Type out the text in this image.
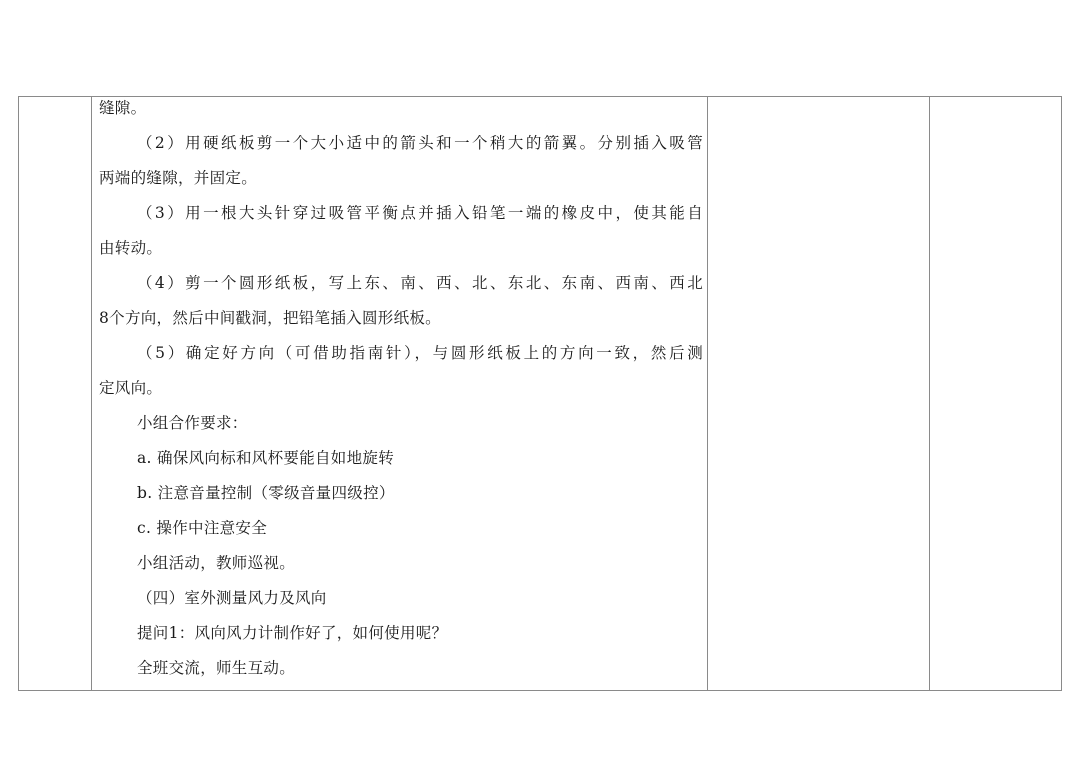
缝隙。
（2）用硬纸板剪一个大小适中的箭头和一个稍大的箭翼。分别插入吸管
两端的缝隙，并固定。
（3）用一根大头针穿过吸管平衡点并插入铅笔一端的橡皮中，使其能自
由转动。
（4）剪一个圆形纸板，写上东、南、西、北、东北、东南、西南、西北
8个方向，然后中间戳洞，把铅笔插入圆形纸板。
（5）确定好方向（可借助指南针），与圆形纸板上的方向一致，然后测
定风向。
小组合作要求：
a. 确保风向标和风杯要能自如地旋转
b. 注意音量控制（零级音量四级控）
c. 操作中注意安全
小组活动，教师巡视。
（四）室外测量风力及风向
提问1：风向风力计制作好了，如何使用呢？
全班交流，师生互动。
